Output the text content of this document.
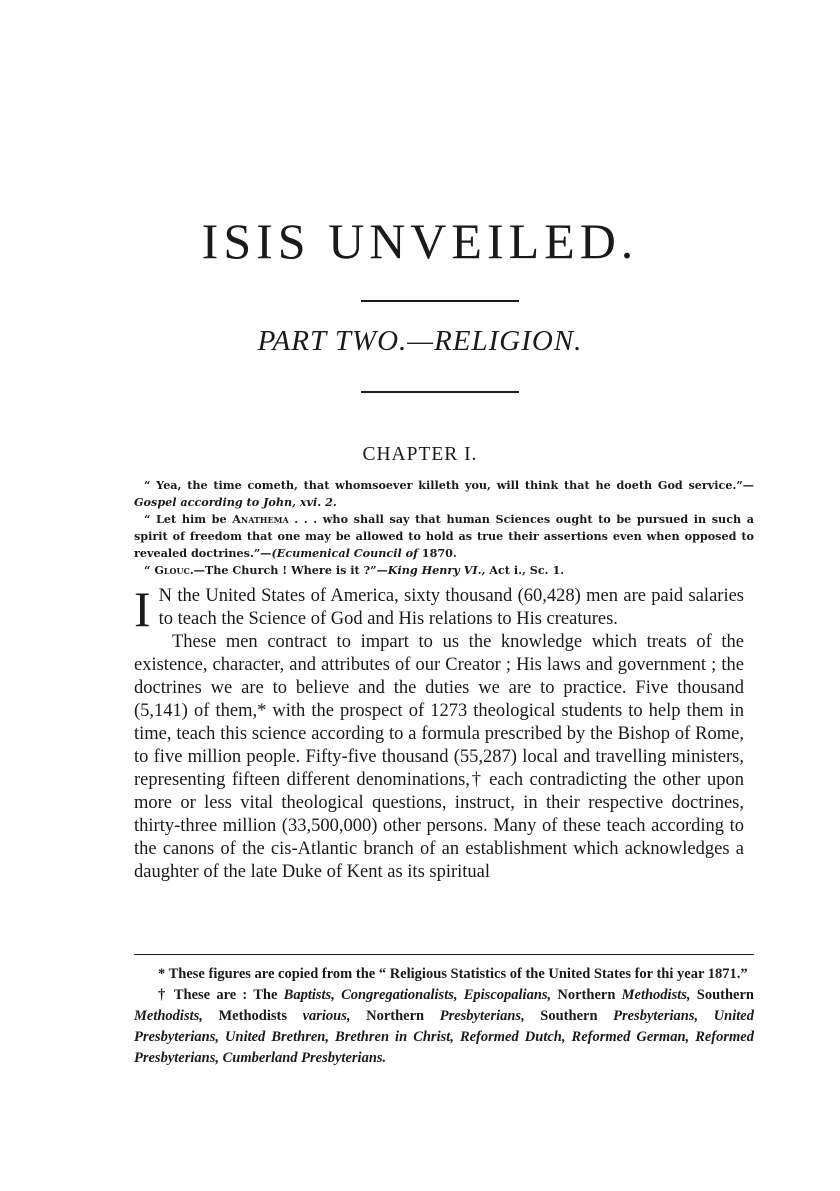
ISIS UNVEILED.
PART TWO.—RELIGION.
CHAPTER I.

“ Yea, the time cometh, that whomsoever killeth you, will think that he doeth God service.”—Gospel according to John, xvi. 2.

“ Let him be Anathema . . . who shall say that human Sciences ought to be pursued in such a spirit of freedom that one may be allowed to hold as true their assertions even when opposed to revealed doctrines.”—(Ecumenical Council of 1870.

“ Glouc.—The Church ! Where is it ?”—King Henry VI., Act i., Sc. 1.

I N the United States of America, sixty thousand (60,428) men are paid salaries to teach the Science of God and His relations to His creatures.

These men contract to impart to us the knowledge which treats of the existence, character, and attributes of our Creator ; His laws and government ; the doctrines we are to believe and the duties we are to practice. Five thousand (5,141) of them,* with the prospect of 1273 theological students to help them in time, teach this science according to a formula prescribed by the Bishop of Rome, to five million people. Fifty-five thousand (55,287) local and travelling ministers, representing fifteen different denominations,† each contradicting the other upon more or less vital theological questions, instruct, in their respective doctrines, thirty-three million (33,500,000) other persons. Many of these teach according to the canons of the cis-Atlantic branch of an establishment which acknowledges a daughter of the late Duke of Kent as its spiritual

* These figures are copied from the “ Religious Statistics of the United States for thi year 1871.”

† These are : The Baptists, Congregationalists, Episcopalians, Northern Methodists, Southern Methodists, Methodists various, Northern Presbyterians, Southern Presbyterians, United Presbyterians, United Brethren, Brethren in Christ, Reformed Dutch, Reformed German, Reformed Presbyterians, Cumberland Presbyterians.
